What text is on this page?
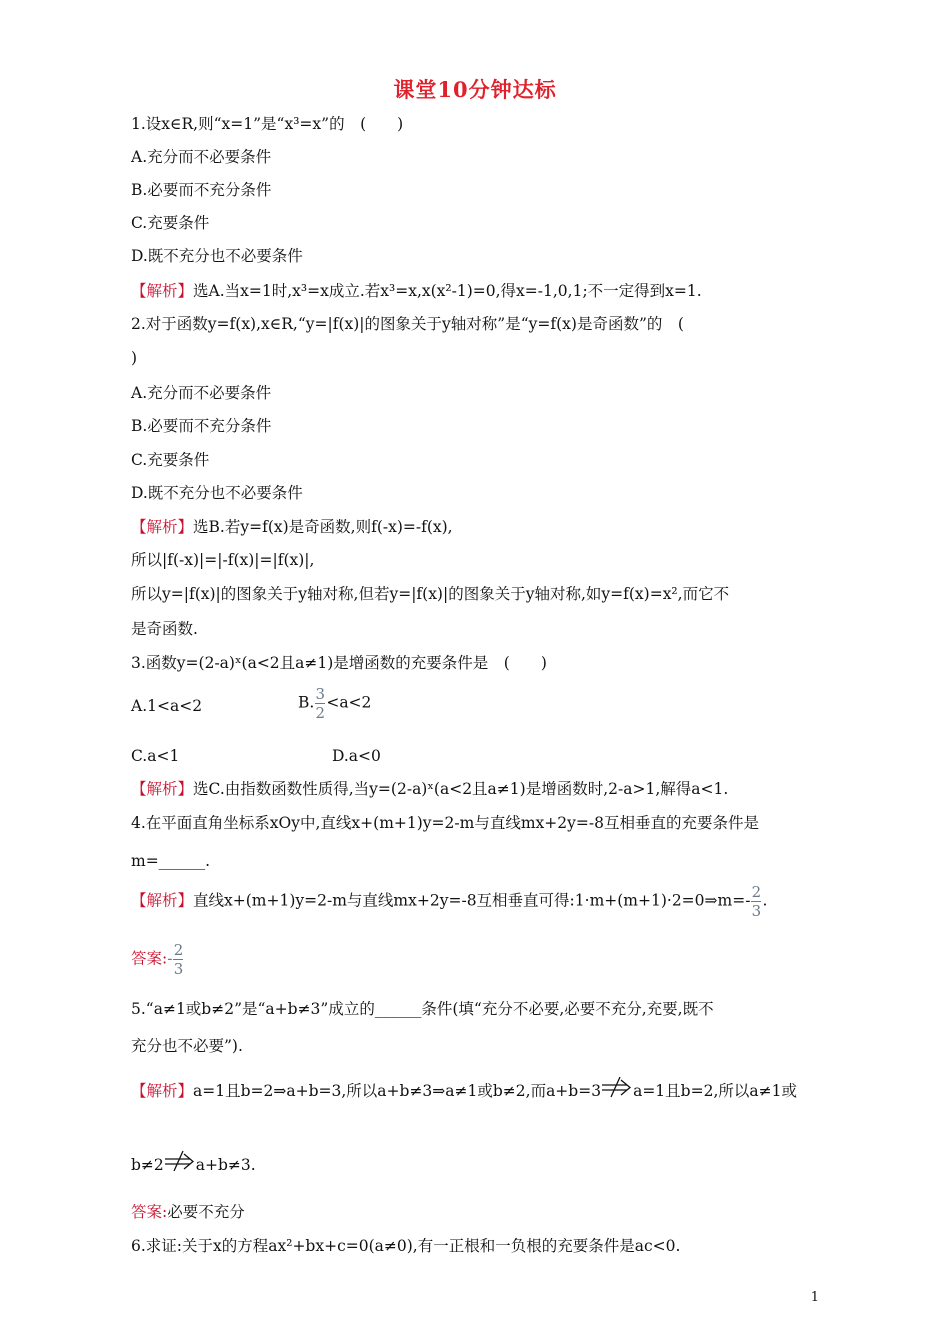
课堂10分钟达标
1.设x∈R,则“x=1”是“x³=x”的　(　　)
A.充分而不必要条件
B.必要而不充分条件
C.充要条件
D.既不充分也不必要条件
【解析】选A.当x=1时,x³=x成立.若x³=x,x(x²-1)=0,得x=-1,0,1;不一定得到x=1.
2.对于函数y=f(x),x∈R,“y=|f(x)|的图象关于y轴对称”是“y=f(x)是奇函数”的　(
)
A.充分而不必要条件
B.必要而不充分条件
C.充要条件
D.既不充分也不必要条件
【解析】选B.若y=f(x)是奇函数,则f(-x)=-f(x),
所以|f(-x)|=|-f(x)|=|f(x)|,
所以y=|f(x)|的图象关于y轴对称,但若y=|f(x)|的图象关于y轴对称,如y=f(x)=x²,而它不
是奇函数.
3.函数y=(2-a)ˣ(a<2且a≠1)是增函数的充要条件是　(　　)
A.1<a<2	B. $\frac{3}{2} <a<2$
C.a<1	D.a<0
【解析】选C.由指数函数性质得,当y=(2-a)ˣ(a<2且a≠1)是增函数时,2-a>1,解得a<1.
4.在平面直角坐标系xOy中,直线x+(m+1)y=2-m与直线mx+2y=-8互相垂直的充要条件是
m=______.
【解析】直线x+(m+1)y=2-m与直线mx+2y=-8互相垂直可得:1·m+(m+1)·2=0⇒m=- $\frac{2}{3}$ .
答案:- $\frac{2}{3}$
5.“a≠1或b≠2”是“a+b≠3”成立的______条件(填“充分不必要,必要不充分,充要,既不
充分也不必要”).
【解析】a=1且b=2⇒a+b=3,所以a+b≠3⇒a≠1或b≠2,而a+b=3 a=1且b=2,所以a≠1或
b≠2 a+b≠3.
答案:必要不充分
6.求证:关于x的方程ax²+bx+c=0(a≠0),有一正根和一负根的充要条件是ac<0.
1
